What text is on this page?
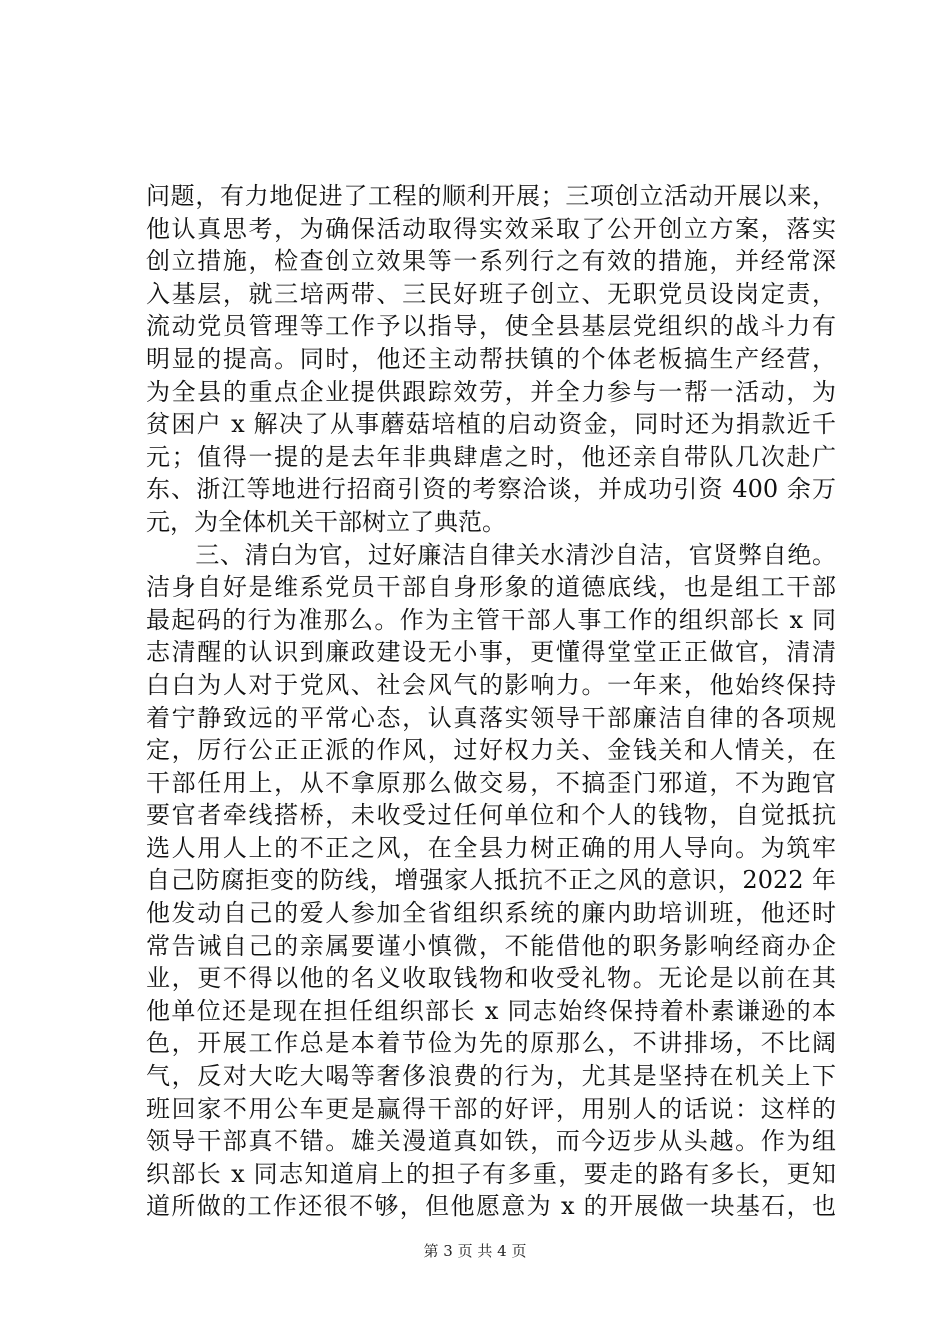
问题，有力地促进了工程的顺利开展；三项创立活动开展以来，
他认真思考，为确保活动取得实效采取了公开创立方案，落实
创立措施，检查创立效果等一系列行之有效的措施，并经常深
入基层，就三培两带、三民好班子创立、无职党员设岗定责，
流动党员管理等工作予以指导，使全县基层党组织的战斗力有
明显的提高。同时，他还主动帮扶镇的个体老板搞生产经营，
为全县的重点企业提供跟踪效劳，并全力参与一帮一活动，为
贫困户 x 解决了从事蘑菇培植的启动资金，同时还为捐款近千
元；值得一提的是去年非典肆虐之时，他还亲自带队几次赴广
东、浙江等地进行招商引资的考察洽谈，并成功引资 400 余万
元，为全体机关干部树立了典范。
　　三、清白为官，过好廉洁自律关水清沙自洁，官贤弊自绝。
洁身自好是维系党员干部自身形象的道德底线，也是组工干部
最起码的行为准那么。作为主管干部人事工作的组织部长 x 同
志清醒的认识到廉政建设无小事，更懂得堂堂正正做官，清清
白白为人对于党风、社会风气的影响力。一年来，他始终保持
着宁静致远的平常心态，认真落实领导干部廉洁自律的各项规
定，厉行公正正派的作风，过好权力关、金钱关和人情关，在
干部任用上，从不拿原那么做交易，不搞歪门邪道，不为跑官
要官者牵线搭桥，未收受过任何单位和个人的钱物，自觉抵抗
选人用人上的不正之风，在全县力树正确的用人导向。为筑牢
自己防腐拒变的防线，增强家人抵抗不正之风的意识，2022 年
他发动自己的爱人参加全省组织系统的廉内助培训班，他还时
常告诫自己的亲属要谨小慎微，不能借他的职务影响经商办企
业，更不得以他的名义收取钱物和收受礼物。无论是以前在其
他单位还是现在担任组织部长 x 同志始终保持着朴素谦逊的本
色，开展工作总是本着节俭为先的原那么，不讲排场，不比阔
气，反对大吃大喝等奢侈浪费的行为，尤其是坚持在机关上下
班回家不用公车更是赢得干部的好评，用别人的话说：这样的
领导干部真不错。雄关漫道真如铁，而今迈步从头越。作为组
织部长 x 同志知道肩上的担子有多重，要走的路有多长，更知
道所做的工作还很不够，但他愿意为 x 的开展做一块基石，也
第 3 页 共 4 页
